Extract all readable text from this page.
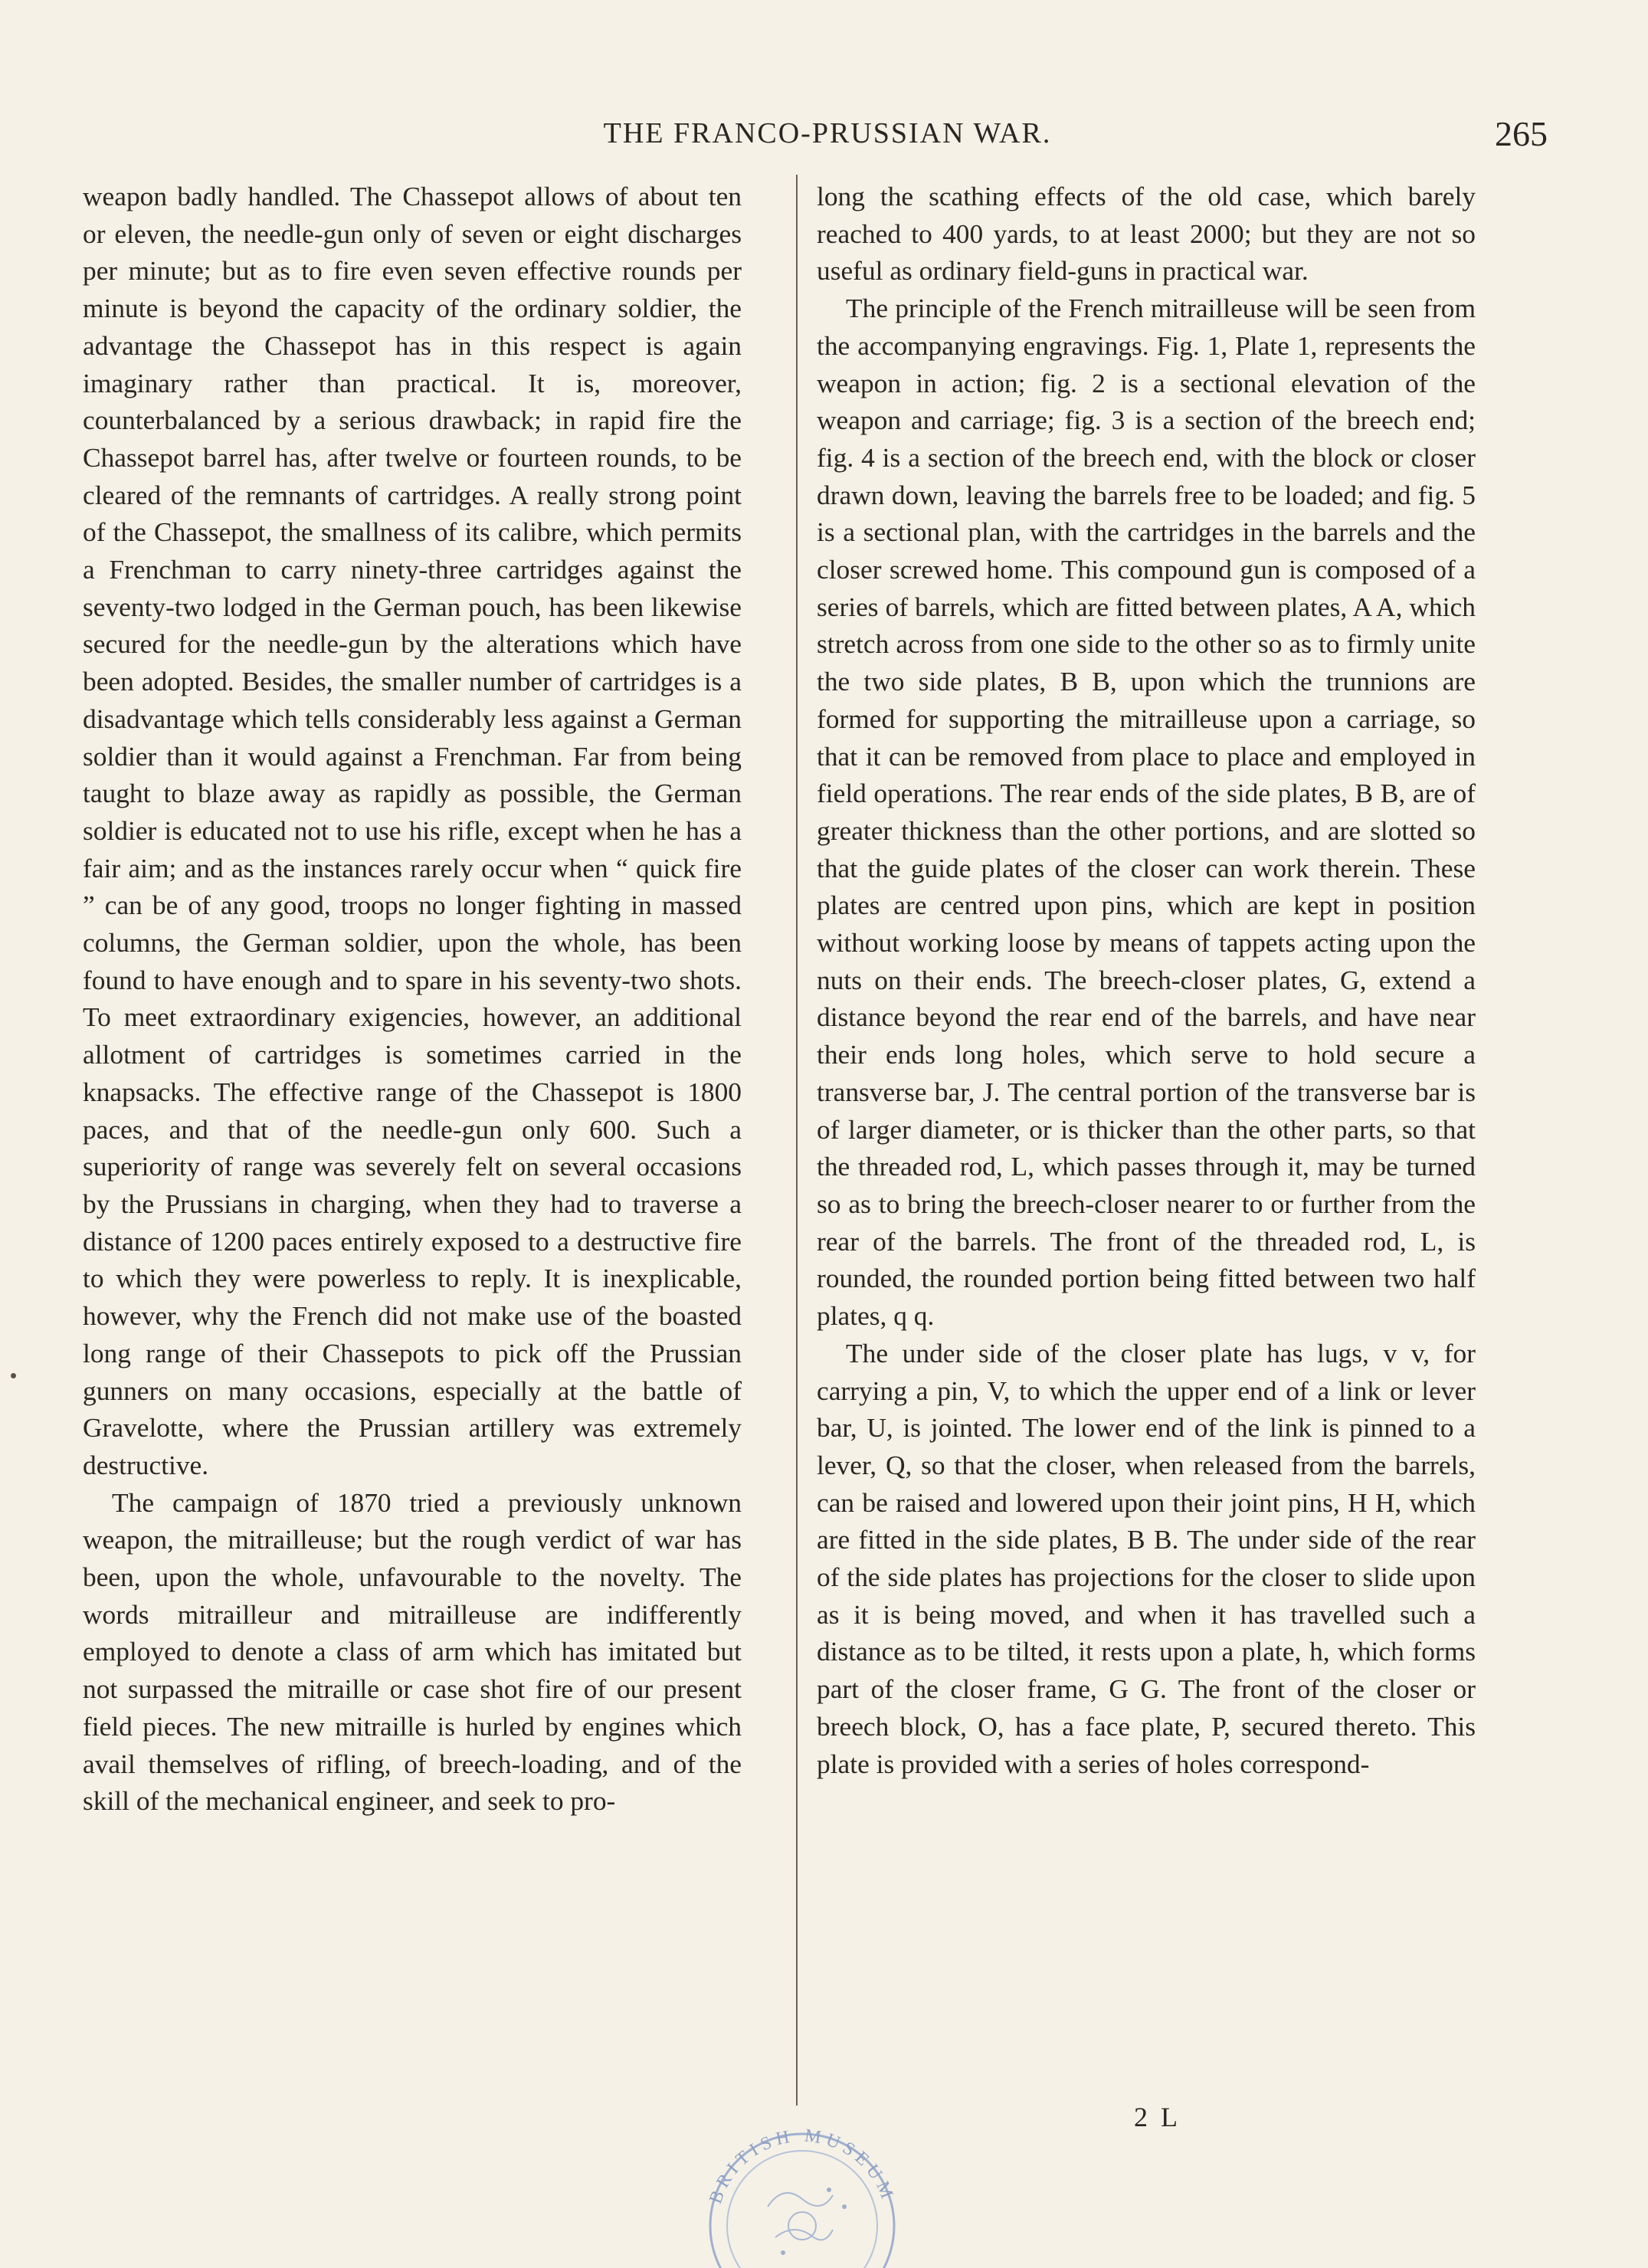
THE FRANCO-PRUSSIAN WAR.	265

weapon badly handled. The Chassepot allows of about ten or eleven, the needle-gun only of seven or eight discharges per minute; but as to fire even seven effective rounds per minute is beyond the capacity of the ordinary soldier, the advantage the Chassepot has in this respect is again imaginary rather than practical. It is, moreover, counterbalanced by a serious drawback; in rapid fire the Chassepot barrel has, after twelve or fourteen rounds, to be cleared of the remnants of cartridges. A really strong point of the Chassepot, the smallness of its calibre, which permits a Frenchman to carry ninety-three cartridges against the seventy-two lodged in the German pouch, has been likewise secured for the needle-gun by the alterations which have been adopted. Besides, the smaller number of cartridges is a disadvantage which tells considerably less against a German soldier than it would against a Frenchman. Far from being taught to blaze away as rapidly as possible, the German soldier is educated not to use his rifle, except when he has a fair aim; and as the instances rarely occur when “ quick fire ” can be of any good, troops no longer fighting in massed columns, the German soldier, upon the whole, has been found to have enough and to spare in his seventy-two shots. To meet extraordinary exigencies, however, an additional allotment of cartridges is sometimes carried in the knapsacks. The effective range of the Chassepot is 1800 paces, and that of the needle-gun only 600. Such a superiority of range was severely felt on several occasions by the Prussians in charging, when they had to traverse a distance of 1200 paces entirely exposed to a destructive fire to which they were powerless to reply. It is inexplicable, however, why the French did not make use of the boasted long range of their Chassepots to pick off the Prussian gunners on many occasions, especially at the battle of Gravelotte, where the Prussian artillery was extremely destructive.

The campaign of 1870 tried a previously unknown weapon, the mitrailleuse; but the rough verdict of war has been, upon the whole, unfavourable to the novelty. The words mitrailleur and mitrailleuse are indifferently employed to denote a class of arm which has imitated but not surpassed the mitraille or case shot fire of our present field pieces. The new mitraille is hurled by engines which avail themselves of rifling, of breech-loading, and of the skill of the mechanical engineer, and seek to pro-

long the scathing effects of the old case, which barely reached to 400 yards, to at least 2000; but they are not so useful as ordinary field-guns in practical war.

The principle of the French mitrailleuse will be seen from the accompanying engravings. Fig. 1, Plate 1, represents the weapon in action; fig. 2 is a sectional elevation of the weapon and carriage; fig. 3 is a section of the breech end; fig. 4 is a section of the breech end, with the block or closer drawn down, leaving the barrels free to be loaded; and fig. 5 is a sectional plan, with the cartridges in the barrels and the closer screwed home. This compound gun is composed of a series of barrels, which are fitted between plates, A A, which stretch across from one side to the other so as to firmly unite the two side plates, B B, upon which the trunnions are formed for supporting the mitrailleuse upon a carriage, so that it can be removed from place to place and employed in field operations. The rear ends of the side plates, B B, are of greater thickness than the other portions, and are slotted so that the guide plates of the closer can work therein. These plates are centred upon pins, which are kept in position without working loose by means of tappets acting upon the nuts on their ends. The breech-closer plates, G, extend a distance beyond the rear end of the barrels, and have near their ends long holes, which serve to hold secure a transverse bar, J. The central portion of the transverse bar is of larger diameter, or is thicker than the other parts, so that the threaded rod, L, which passes through it, may be turned so as to bring the breech-closer nearer to or further from the rear of the barrels. The front of the threaded rod, L, is rounded, the rounded portion being fitted between two half plates, q q.

The under side of the closer plate has lugs, v v, for carrying a pin, V, to which the upper end of a link or lever bar, U, is jointed. The lower end of the link is pinned to a lever, Q, so that the closer, when released from the barrels, can be raised and lowered upon their joint pins, H H, which are fitted in the side plates, B B. The under side of the rear of the side plates has projections for the closer to slide upon as it is being moved, and when it has travelled such a distance as to be tilted, it rests upon a plate, h, which forms part of the closer frame, G G. The front of the closer or breech block, O, has a face plate, P, secured thereto. This plate is provided with a series of holes correspond-

2 L
BRITISH MUSEUM
